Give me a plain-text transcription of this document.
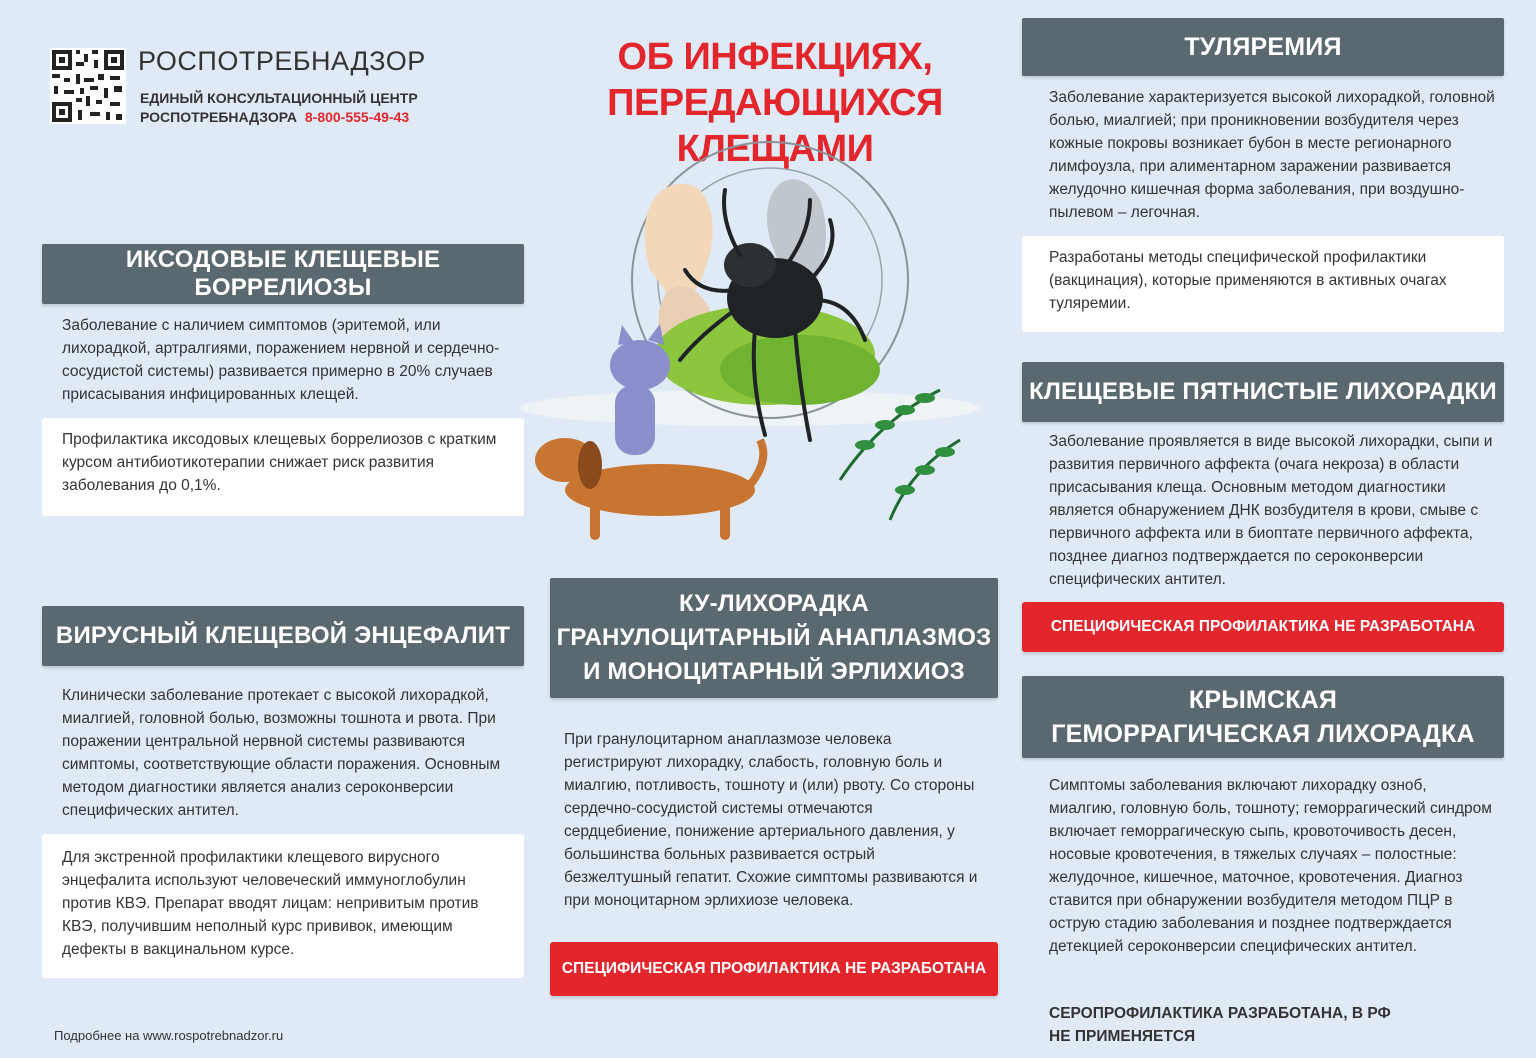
РОСПОТРЕБНАДЗОР
ЕДИНЫЙ КОНСУЛЬТАЦИОННЫЙ ЦЕНТР
РОСПОТРЕБНАДЗОРА 8-800-555-49-43
ОБ ИНФЕКЦИЯХ,
ПЕРЕДАЮЩИХСЯ КЛЕЩАМИ
ИКСОДОВЫЕ КЛЕЩЕВЫЕ БОРРЕЛИОЗЫ
Заболевание с наличием симптомов (эритемой, или лихорадкой, артралгиями, поражением нервной и сердечно-сосудистой системы) развивается примерно в 20% случаев присасывания инфицированных клещей.
Профилактика иксодовых клещевых боррелиозов с кратким курсом антибиотикотерапии снижает риск развития заболевания до 0,1%.
ВИРУСНЫЙ КЛЕЩЕВОЙ ЭНЦЕФАЛИТ
Клинически заболевание протекает с высокой лихорадкой, миалгией, головной болью, возможны тошнота и рвота. При поражении центральной нервной системы развиваются симптомы, соответствующие области поражения. Основным методом диагностики является анализ сероконверсии специфических антител.
Для экстренной профилактики клещевого вирусного энцефалита используют человеческий иммуноглобулин против КВЭ. Препарат вводят лицам: непривитым против КВЭ, получившим неполный курс прививок, имеющим дефекты в вакцинальном курсе.
КУ-ЛИХОРАДКА
ГРАНУЛОЦИТАРНЫЙ АНАПЛАЗМОЗ
И МОНОЦИТАРНЫЙ ЭРЛИХИОЗ
При гранулоцитарном анаплазмозе человека регистрируют лихорадку, слабость, головную боль и миалгию, потливость, тошноту и (или) рвоту. Со стороны сердечно-сосудистой системы отмечаются сердцебиение, понижение артериального давления, у большинства больных развивается острый безжелтушный гепатит. Схожие симптомы развиваются и при моноцитарном эрлихиозе человека.
СПЕЦИФИЧЕСКАЯ ПРОФИЛАКТИКА НЕ РАЗРАБОТАНА
ТУЛЯРЕМИЯ
Заболевание характеризуется высокой лихорадкой, головной болью, миалгией; при проникновении возбудителя через кожные покровы возникает бубон в месте регионарного лимфоузла, при алиментарном заражении развивается желудочно кишечная форма заболевания, при воздушно-пылевом – легочная.
Разработаны методы специфической профилактики (вакцинация), которые применяются в активных очагах туляремии.
КЛЕЩЕВЫЕ ПЯТНИСТЫЕ ЛИХОРАДКИ
Заболевание проявляется в виде высокой лихорадки, сыпи и развития первичного аффекта (очага некроза) в области присасывания клеща. Основным методом диагностики является обнаружением ДНК возбудителя в крови, смыве с первичного аффекта или в биоптате первичного аффекта, позднее диагноз подтверждается по сероконверсии специфических антител.
СПЕЦИФИЧЕСКАЯ ПРОФИЛАКТИКА НЕ РАЗРАБОТАНА
КРЫМСКАЯ
ГЕМОРРАГИЧЕСКАЯ ЛИХОРАДКА
Симптомы заболевания включают лихорадку озноб, миалгию, головную боль, тошноту; геморрагический синдром включает геморрагическую сыпь, кровоточивость десен, носовые кровотечения, в тяжелых случаях – полостные: желудочное, кишечное, маточное, кровотечения. Диагноз ставится при обнаружении возбудителя методом ПЦР в острую стадию заболевания и позднее подтверждается детекцией сероконверсии специфических антител.
СЕРОПРОФИЛАКТИКА РАЗРАБОТАНА, В РФ
НЕ ПРИМЕНЯЕТСЯ
Подробнее на www.rospotrebnadzor.ru
